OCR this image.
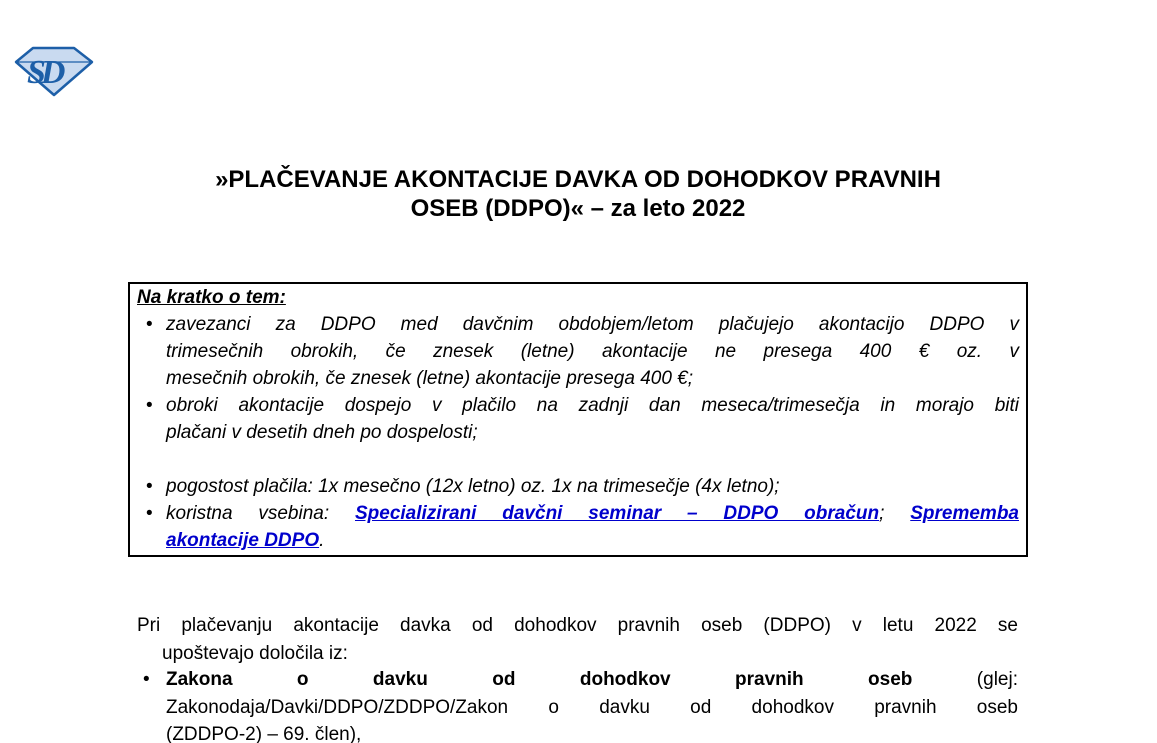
SD
»PLAČEVANJE AKONTACIJE DAVKA OD DOHODKOV PRAVNIH
OSEB (DDPO)« – za leto 2022
Na kratko o tem:
• zavezanci za DDPO med davčnim obdobjem/letom plačujejo akontacijo DDPO v
trimesečnih obrokih, če znesek (letne) akontacije ne presega 400 € oz. v
mesečnih obrokih, če znesek (letne) akontacije presega 400 €;
• obroki akontacije dospejo v plačilo na zadnji dan meseca/trimesečja in morajo biti
plačani v desetih dneh po dospelosti;
• pogostost plačila: 1x mesečno (12x letno) oz. 1x na trimesečje (4x letno);
• koristna vsebina: Specializirani davčni seminar – DDPO obračun; Sprememba
akontacije DDPO.
Pri plačevanju akontacije davka od dohodkov pravnih oseb (DDPO) v letu 2022 se
upoštevajo določila iz:
• Zakona o davku od dohodkov pravnih oseb (glej:
Zakonodaja/Davki/DDPO/ZDDPO/Zakon o davku od dohodkov pravnih oseb
(ZDDPO-2) – 69. člen),
